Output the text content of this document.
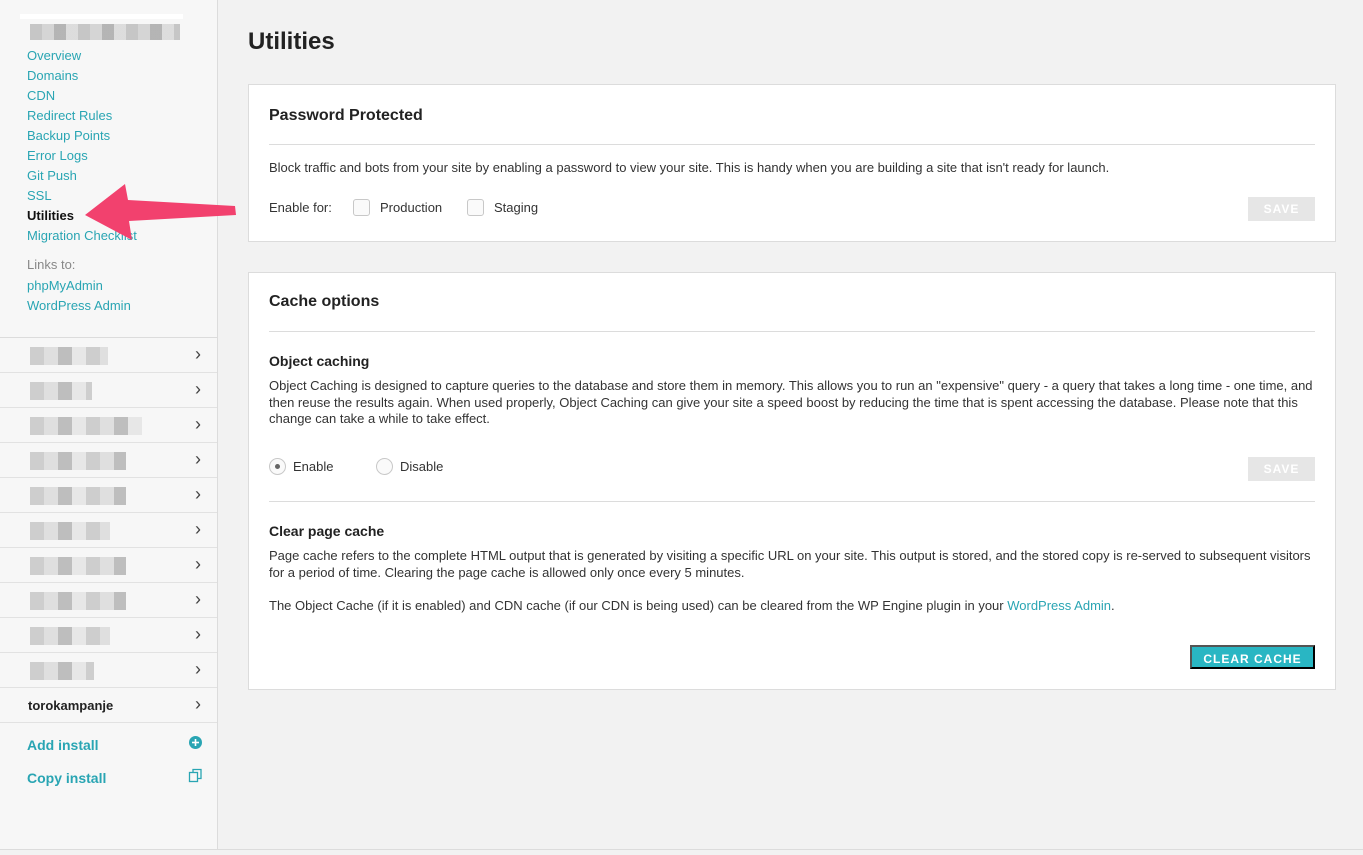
Overview
Domains
CDN
Redirect Rules
Backup Points
Error Logs
Git Push
SSL
Utilities
Migration Checklist
Links to:
phpMyAdmin
WordPress Admin
›
›
›
›
›
›
›
›
›
›
torokampanje	›
Add install
Copy install
Utilities
Password Protected

Block traffic and bots from your site by enabling a password to view your site. This is handy when you are building a site that isn't ready for launch.

Enable for:	Production	Staging	SAVE
Cache options
Object caching

Object Caching is designed to capture queries to the database and store them in memory. This allows you to run an "expensive" query - a query that takes a long time - one time, and then reuse the results again. When used properly, Object Caching can give your site a speed boost by reducing the time that is spent accessing the database. Please note that this change can take a while to take effect.

Enable	Disable	SAVE
Clear page cache

Page cache refers to the complete HTML output that is generated by visiting a specific URL on your site. This output is stored, and the stored copy is re-served to subsequent visitors for a period of time. Clearing the page cache is allowed only once every 5 minutes.

The Object Cache (if it is enabled) and CDN cache (if our CDN is being used) can be cleared from the WP Engine plugin in your WordPress Admin.

CLEAR CACHE
